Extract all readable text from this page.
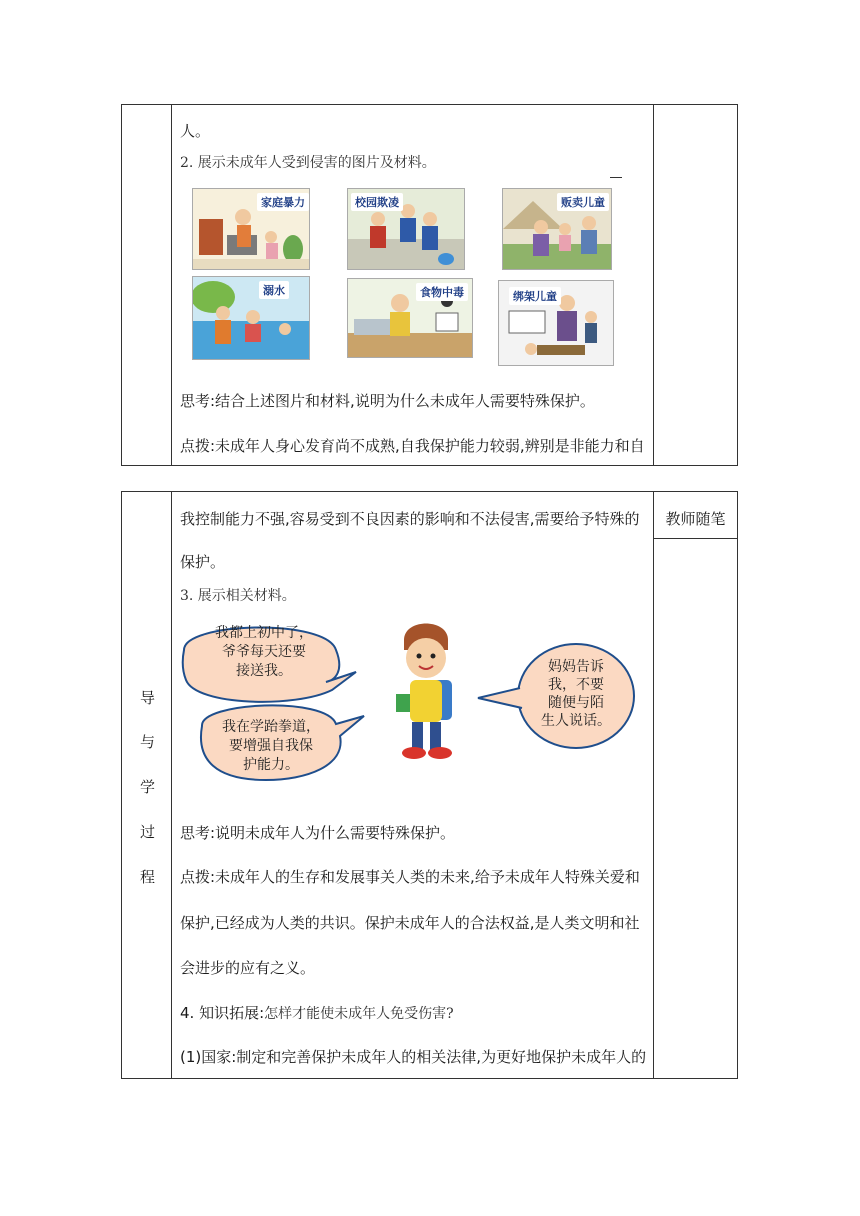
人。
2. 展示未成年人受到侵害的图片及材料。
家庭暴力	校园欺凌	贩卖儿童
溺水	食物中毒	绑架儿童
思考:结合上述图片和材料,说明为什么未成年人需要特殊保护。
点拨:未成年人身心发育尚不成熟,自我保护能力较弱,辨别是非能力和自
教师随笔
导
与
学
过
程
我控制能力不强,容易受到不良因素的影响和不法侵害,需要给予特殊的
保护。
3. 展示相关材料。
我都上初中了，
爷爷每天还要
接送我。
我在学跆拳道，
要增强自我保
护能力。
妈妈告诉
我，不要
随便与陌
生人说话。
思考:说明未成年人为什么需要特殊保护。
点拨:未成年人的生存和发展事关人类的未来,给予未成年人特殊关爱和
保护,已经成为人类的共识。保护未成年人的合法权益,是人类文明和社
会进步的应有之义。
4. 知识拓展:怎样才能使未成年人免受伤害?
(1)国家:制定和完善保护未成年人的相关法律,为更好地保护未成年人的
